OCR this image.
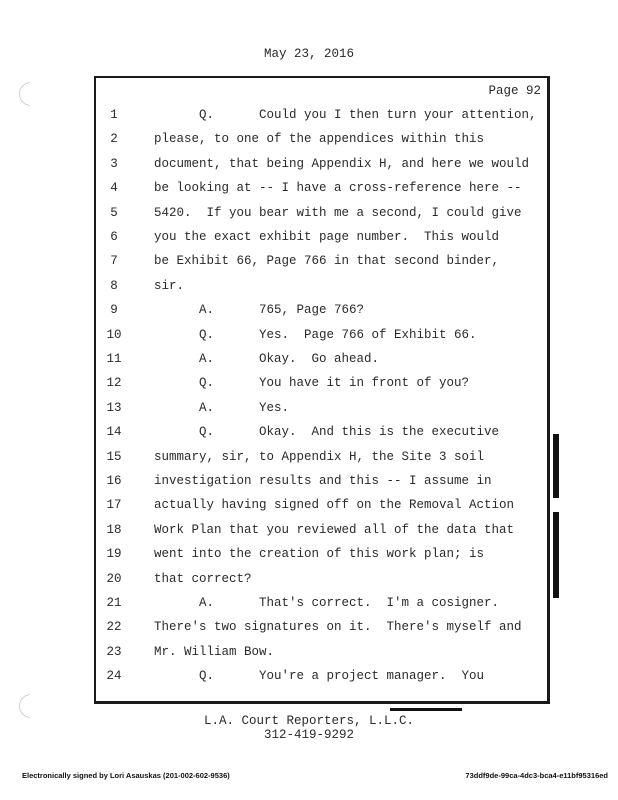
May 23, 2016
Page 92
1	Q.      Could you I then turn your attention,
2	please, to one of the appendices within this
3	document, that being Appendix H, and here we would
4	be looking at -- I have a cross-reference here --
5	5420.  If you bear with me a second, I could give
6	you the exact exhibit page number.  This would
7	be Exhibit 66, Page 766 in that second binder,
8	sir.
9	A.      765, Page 766?
10	Q.      Yes.  Page 766 of Exhibit 66.
11	A.      Okay.  Go ahead.
12	Q.      You have it in front of you?
13	A.      Yes.
14	Q.      Okay.  And this is the executive
15	summary, sir, to Appendix H, the Site 3 soil
16	investigation results and this -- I assume in
17	actually having signed off on the Removal Action
18	Work Plan that you reviewed all of the data that
19	went into the creation of this work plan; is
20	that correct?
21	A.      That's correct.  I'm a cosigner.
22	There's two signatures on it.  There's myself and
23	Mr. William Bow.
24	Q.      You're a project manager.  You
L.A. Court Reporters, L.L.C.
312-419-9292
Electronically signed by Lori Asauskas (201-002-602-9536)	73ddf9de-99ca-4dc3-bca4-e11bf95316ed
